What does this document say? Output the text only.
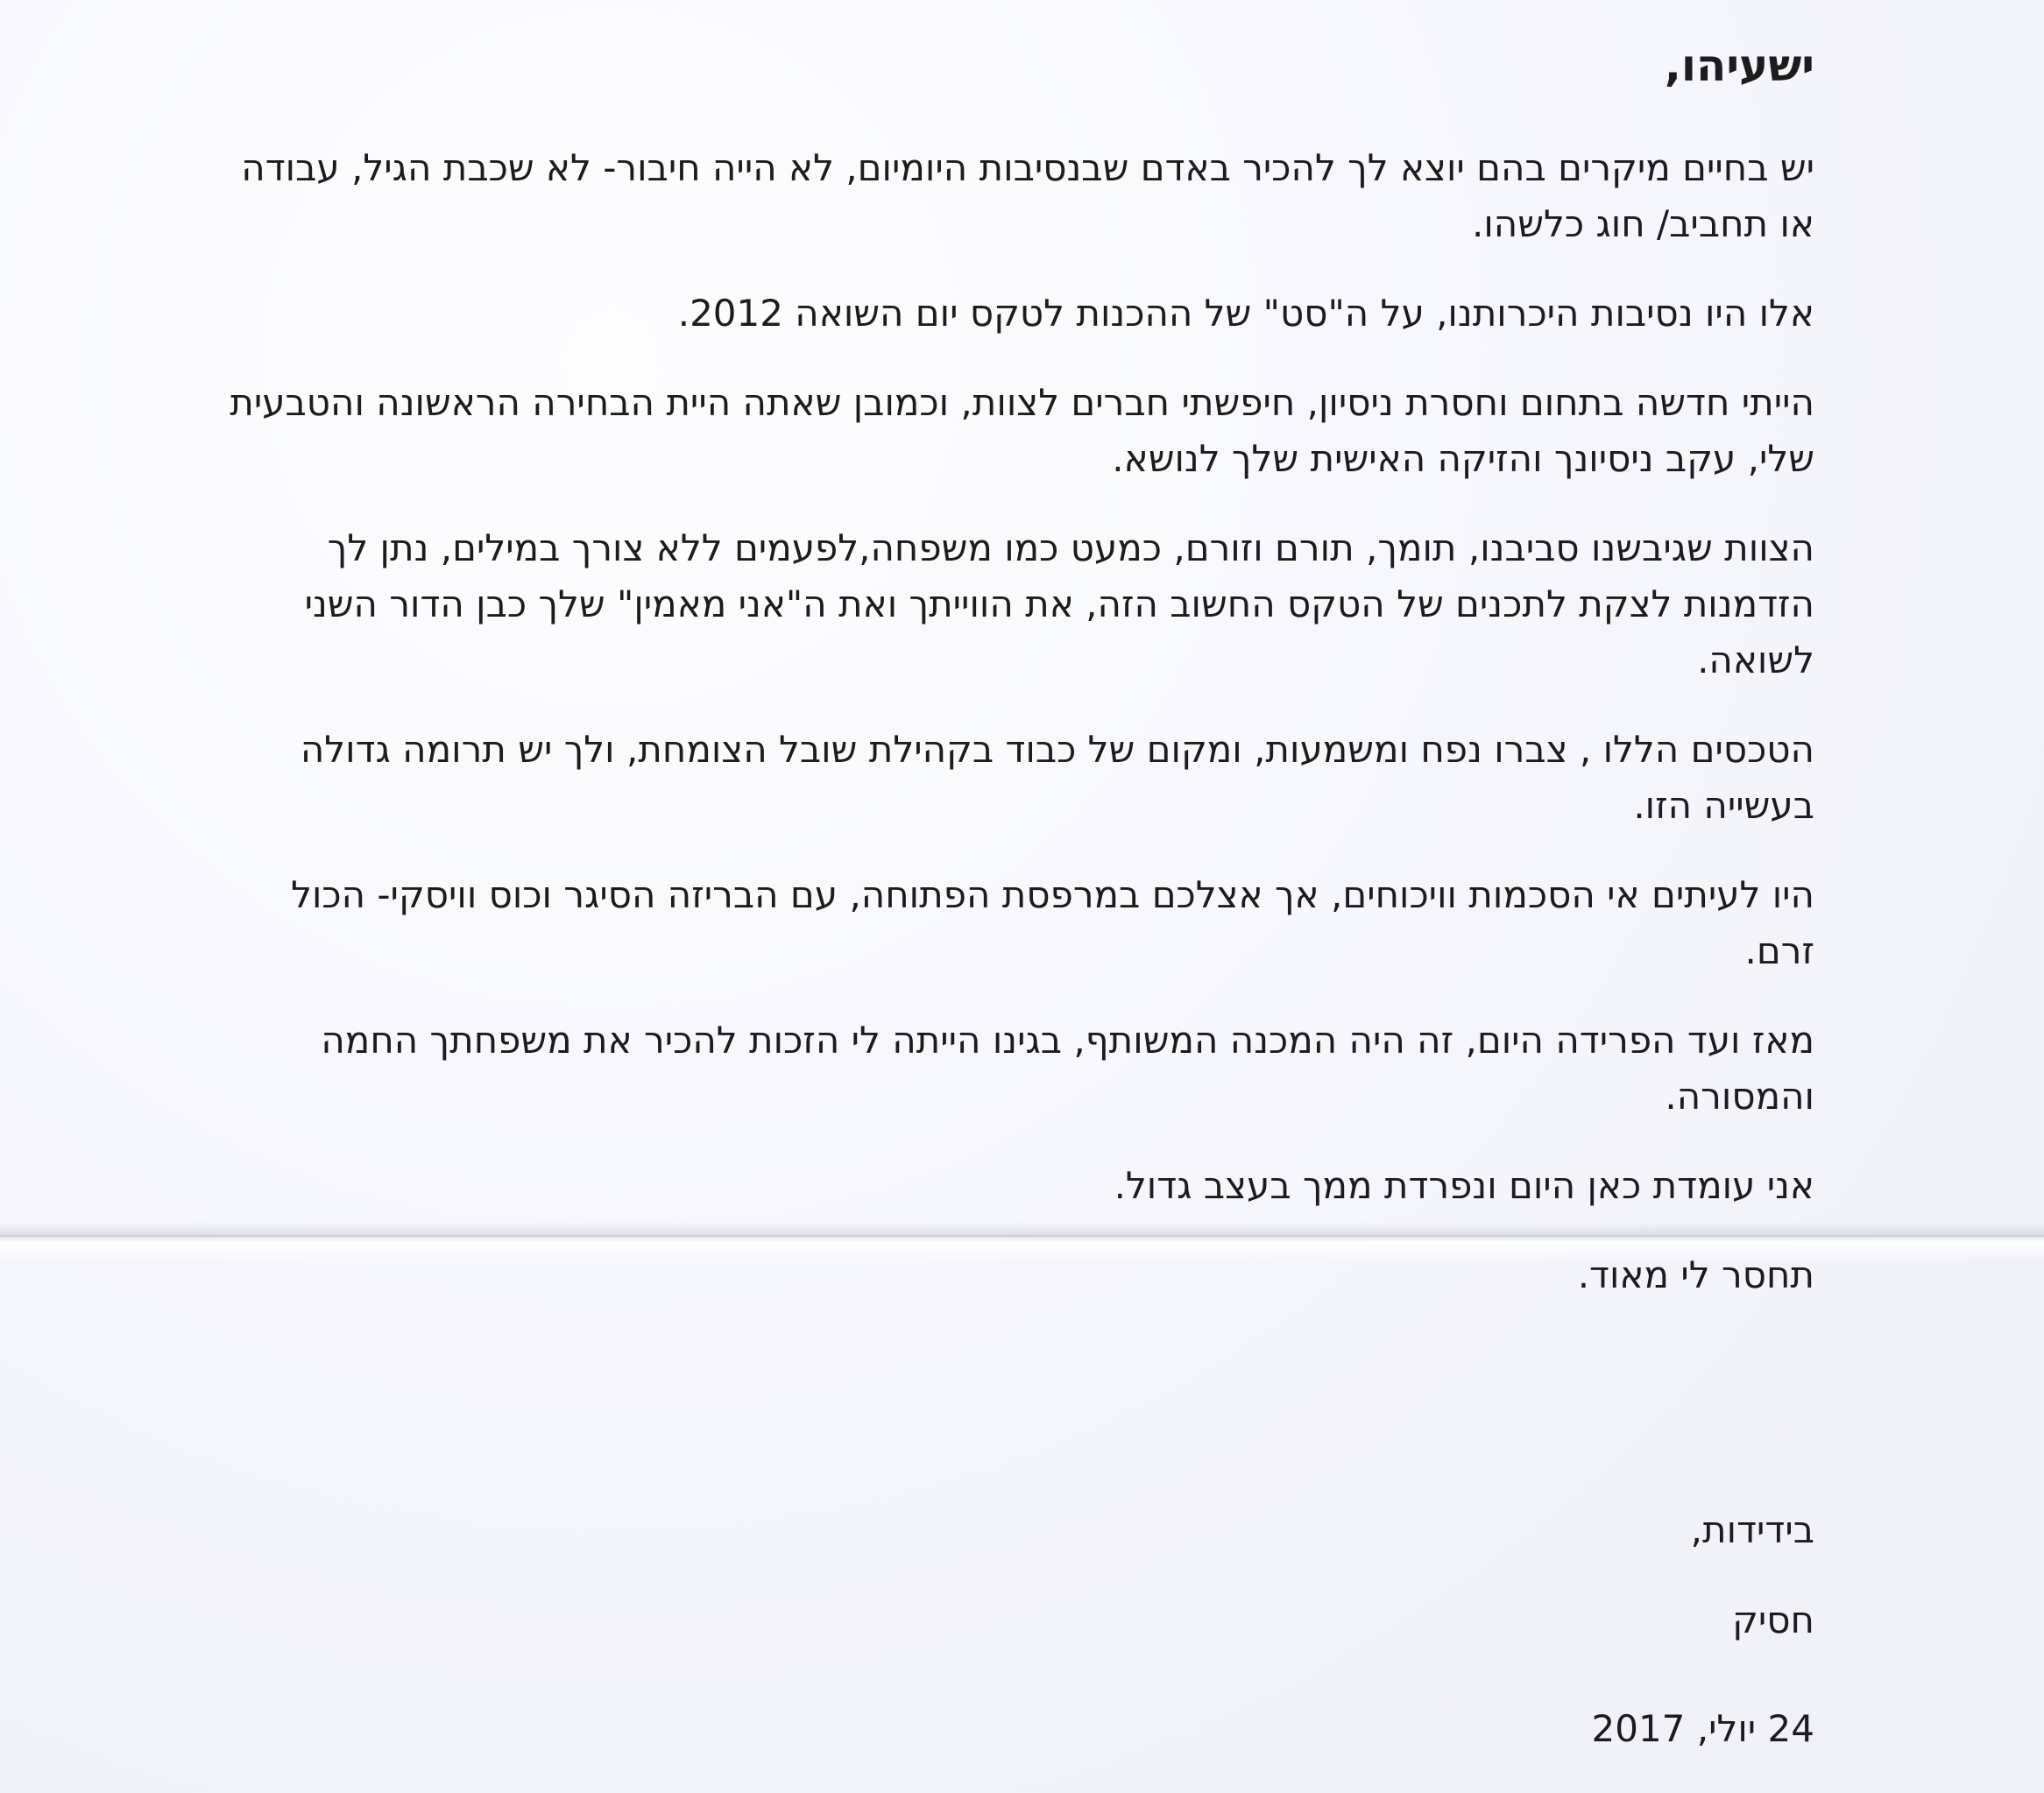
ישעיהו,

יש בחיים מיקרים בהם יוצא לך להכיר באדם שבנסיבות היומיום, לא הייה חיבור- לא שכבת הגיל, עבודה או תחביב/ חוג כלשהו.

אלו היו נסיבות היכרותנו, על ה"סט" של ההכנות לטקס יום השואה 2012.

הייתי חדשה בתחום וחסרת ניסיון, חיפשתי חברים לצוות, וכמובן שאתה היית הבחירה הראשונה והטבעית שלי, עקב ניסיונך והזיקה האישית שלך לנושא.

הצוות שגיבשנו סביבנו, תומך, תורם וזורם, כמעט כמו משפחה,לפעמים ללא צורך במילים, נתן לך הזדמנות לצקת לתכנים של הטקס החשוב הזה, את הווייתך ואת ה"אני מאמין" שלך כבן הדור השני לשואה.

הטכסים הללו , צברו נפח ומשמעות, ומקום של כבוד בקהילת שובל הצומחת, ולך יש תרומה גדולה בעשייה הזו.

היו לעיתים אי הסכמות וויכוחים, אך אצלכם במרפסת הפתוחה, עם הבריזה הסיגר וכוס וויסקי- הכול זרם.

מאז ועד הפרידה היום, זה היה המכנה המשותף, בגינו הייתה לי הזכות להכיר את משפחתך החמה והמסורה.

אני עומדת כאן היום ונפרדת ממך בעצב גדול.

תחסר לי מאוד.

בידידות,
חסיק
24 יולי, 2017
